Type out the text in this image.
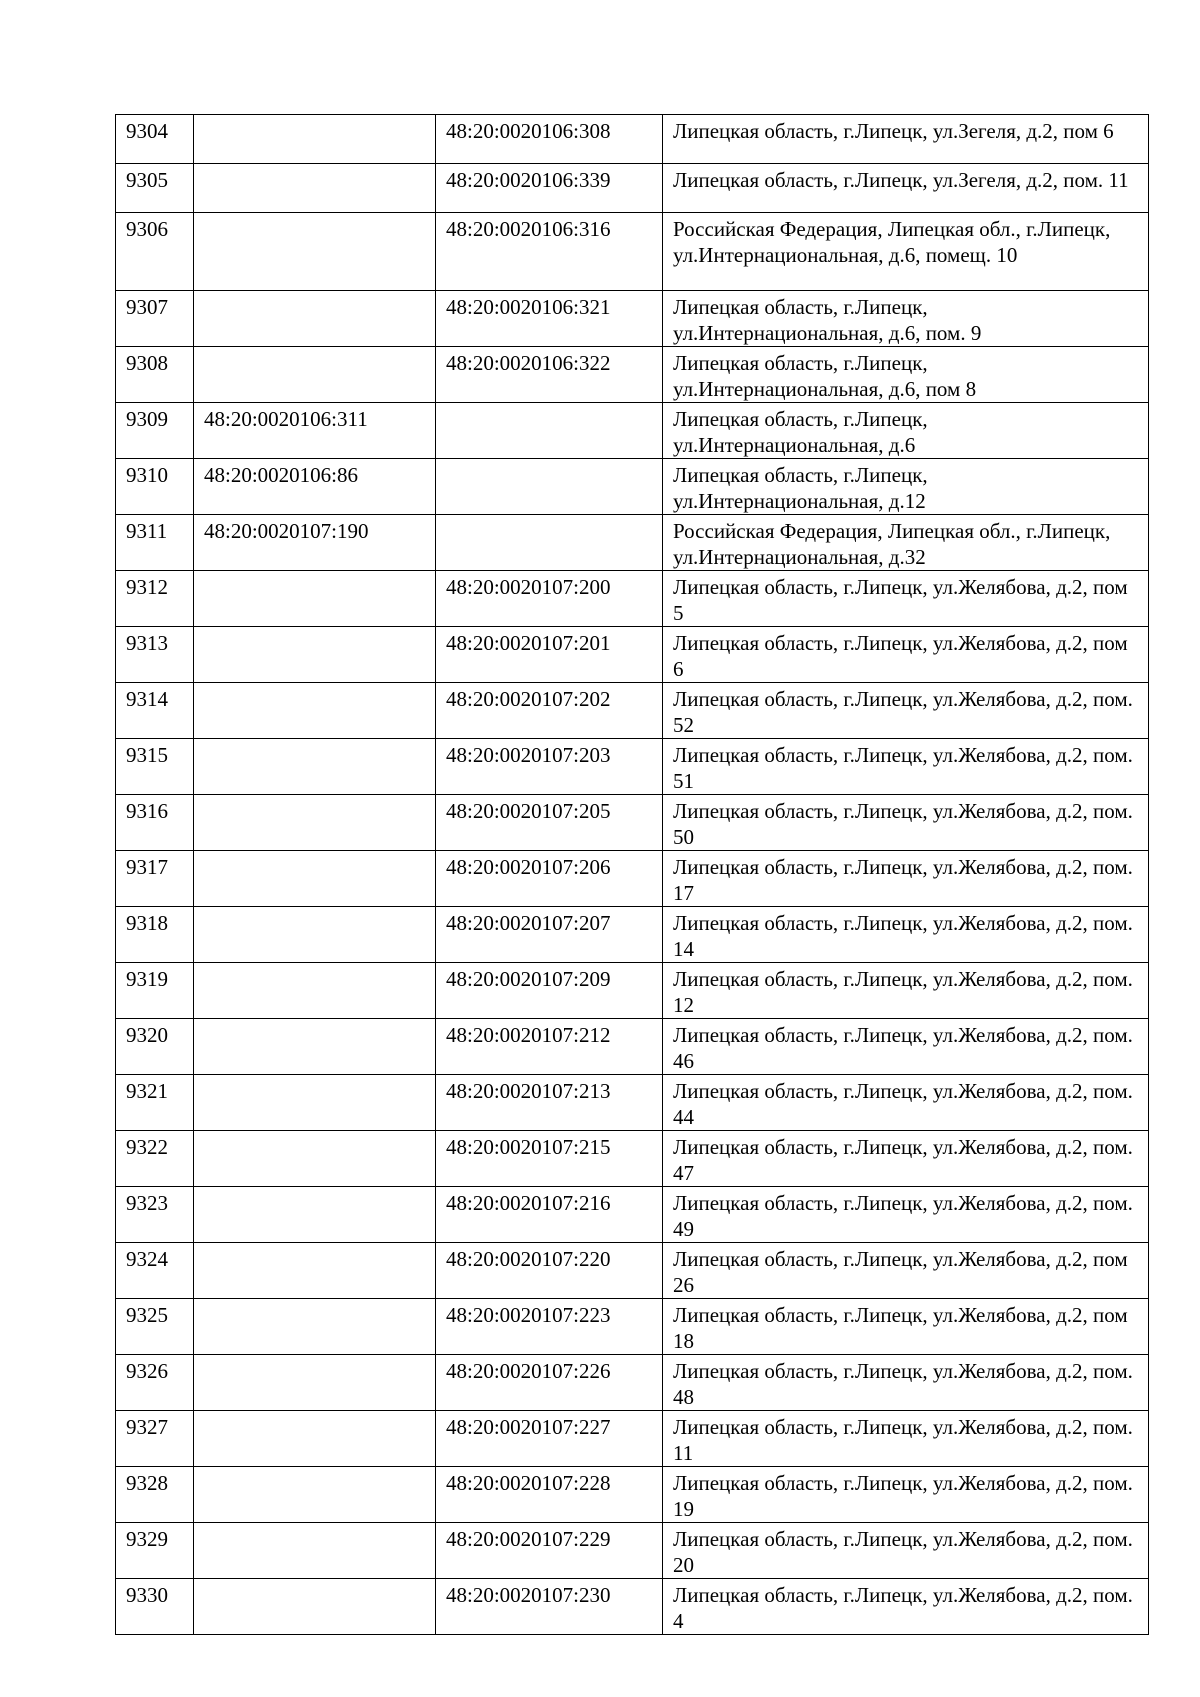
9304		48:20:0020106:308	Липецкая область, г.Липецк, ул.Зегеля, д.2, пом 6
9305		48:20:0020106:339	Липецкая область, г.Липецк, ул.Зегеля, д.2, пом. 11
9306		48:20:0020106:316	Российская Федерация, Липецкая обл., г.Липецк, ул.Интернациональная, д.6, помещ. 10
9307		48:20:0020106:321	Липецкая область, г.Липецк, ул.Интернациональная, д.6, пом. 9
9308		48:20:0020106:322	Липецкая область, г.Липецк, ул.Интернациональная, д.6, пом 8
9309	48:20:0020106:311		Липецкая область, г.Липецк, ул.Интернациональная, д.6
9310	48:20:0020106:86		Липецкая область, г.Липецк, ул.Интернациональная, д.12
9311	48:20:0020107:190		Российская Федерация, Липецкая обл., г.Липецк, ул.Интернациональная, д.32
9312		48:20:0020107:200	Липецкая область, г.Липецк, ул.Желябова, д.2, пом 5
9313		48:20:0020107:201	Липецкая область, г.Липецк, ул.Желябова, д.2, пом 6
9314		48:20:0020107:202	Липецкая область, г.Липецк, ул.Желябова, д.2, пом. 52
9315		48:20:0020107:203	Липецкая область, г.Липецк, ул.Желябова, д.2, пом. 51
9316		48:20:0020107:205	Липецкая область, г.Липецк, ул.Желябова, д.2, пом. 50
9317		48:20:0020107:206	Липецкая область, г.Липецк, ул.Желябова, д.2, пом. 17
9318		48:20:0020107:207	Липецкая область, г.Липецк, ул.Желябова, д.2, пом. 14
9319		48:20:0020107:209	Липецкая область, г.Липецк, ул.Желябова, д.2, пом. 12
9320		48:20:0020107:212	Липецкая область, г.Липецк, ул.Желябова, д.2, пом. 46
9321		48:20:0020107:213	Липецкая область, г.Липецк, ул.Желябова, д.2, пом. 44
9322		48:20:0020107:215	Липецкая область, г.Липецк, ул.Желябова, д.2, пом. 47
9323		48:20:0020107:216	Липецкая область, г.Липецк, ул.Желябова, д.2, пом. 49
9324		48:20:0020107:220	Липецкая область, г.Липецк, ул.Желябова, д.2, пом 26
9325		48:20:0020107:223	Липецкая область, г.Липецк, ул.Желябова, д.2, пом 18
9326		48:20:0020107:226	Липецкая область, г.Липецк, ул.Желябова, д.2, пом. 48
9327		48:20:0020107:227	Липецкая область, г.Липецк, ул.Желябова, д.2, пом. 11
9328		48:20:0020107:228	Липецкая область, г.Липецк, ул.Желябова, д.2, пом. 19
9329		48:20:0020107:229	Липецкая область, г.Липецк, ул.Желябова, д.2, пом. 20
9330		48:20:0020107:230	Липецкая область, г.Липецк, ул.Желябова, д.2, пом. 4
